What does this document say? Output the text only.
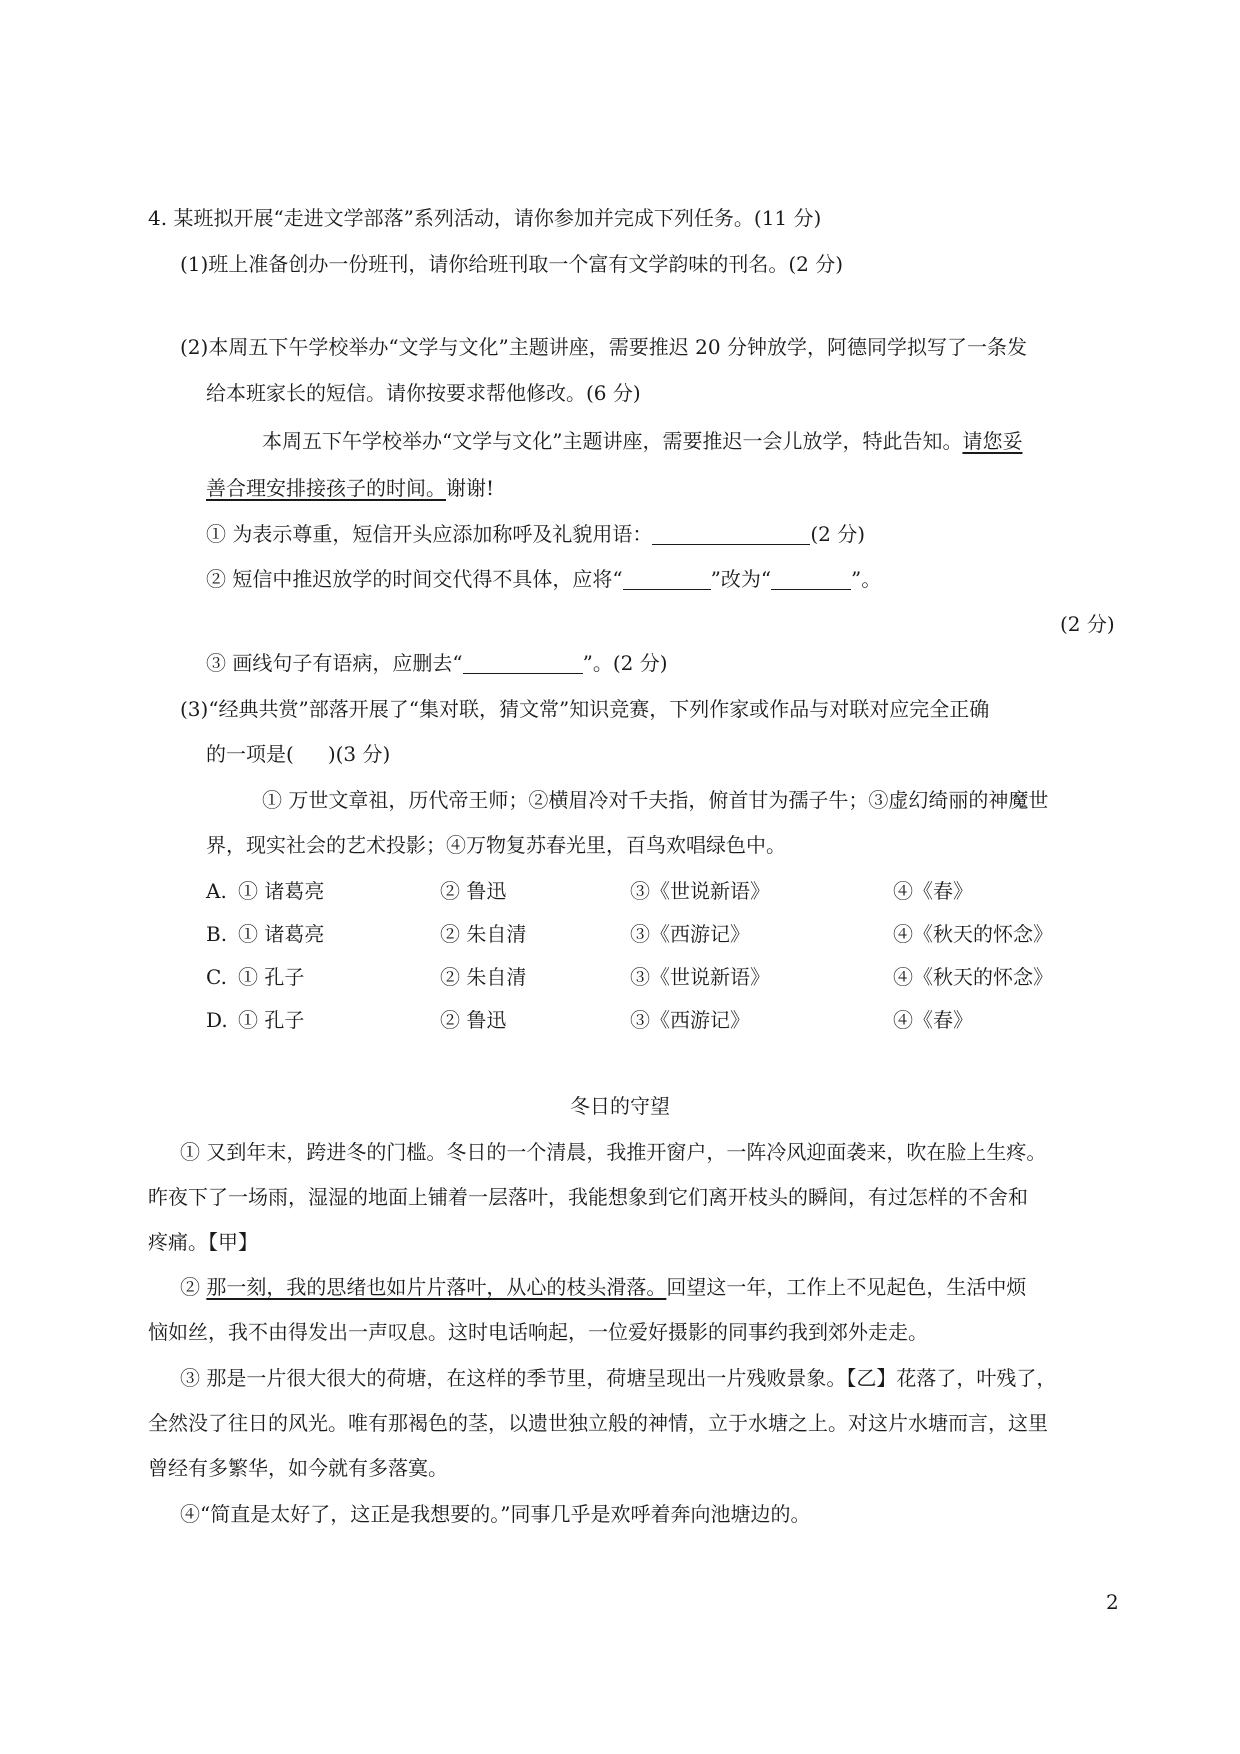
4. 某班拟开展“走进文学部落”系列活动，请你参加并完成下列任务。(11 分)
(1)班上准备创办一份班刊，请你给班刊取一个富有文学韵味的刊名。(2 分)
(2)本周五下午学校举办“文学与文化”主题讲座，需要推迟 20 分钟放学，阿德同学拟写了一条发
给本班家长的短信。请你按要求帮他修改。(6 分)
本周五下午学校举办“文学与文化”主题讲座，需要推迟一会儿放学，特此告知。请您妥
善合理安排接孩子的时间。谢谢!
① 为表示尊重，短信开头应添加称呼及礼貌用语：	(2 分)
② 短信中推迟放学的时间交代得不具体，应将“	”改为“	”。
(2 分)
③ 画线句子有语病，应删去“	”。(2 分)
(3)“经典共赏”部落开展了“集对联，猜文常”知识竞赛，下列作家或作品与对联对应完全正确
的一项是( )(3 分)
① 万世文章祖，历代帝王师；②横眉冷对千夫指，俯首甘为孺子牛；③虚幻绮丽的神魔世
界，现实社会的艺术投影；④万物复苏春光里，百鸟欢唱绿色中。
A. ① 诸葛亮	② 鲁迅	③《世说新语》	④《春》
B. ① 诸葛亮	② 朱自清	③《西游记》	④《秋天的怀念》
C. ① 孔子	② 朱自清	③《世说新语》	④《秋天的怀念》
D. ① 孔子	② 鲁迅	③《西游记》	④《春》
冬日的守望
① 又到年末，跨进冬的门槛。冬日的一个清晨，我推开窗户，一阵冷风迎面袭来，吹在脸上生疼。
昨夜下了一场雨，湿湿的地面上铺着一层落叶，我能想象到它们离开枝头的瞬间，有过怎样的不舍和
疼痛。【甲】
② 那一刻，我的思绪也如片片落叶，从心的枝头滑落。回望这一年，工作上不见起色，生活中烦
恼如丝，我不由得发出一声叹息。这时电话响起，一位爱好摄影的同事约我到郊外走走。
③ 那是一片很大很大的荷塘，在这样的季节里，荷塘呈现出一片残败景象。【乙】花落了，叶残了，
全然没了往日的风光。唯有那褐色的茎，以遗世独立般的神情，立于水塘之上。对这片水塘而言，这里
曾经有多繁华，如今就有多落寞。
④“简直是太好了，这正是我想要的。”同事几乎是欢呼着奔向池塘边的。
2
